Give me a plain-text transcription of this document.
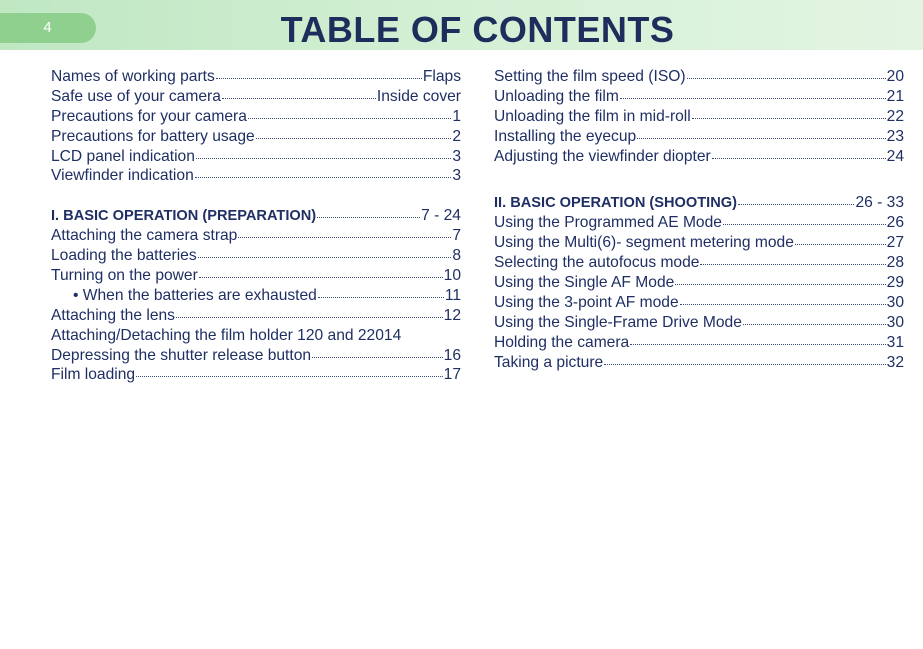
4	TABLE OF CONTENTS
Names of working parts	Flaps
Safe use of your camera	Inside cover
Precautions for your camera	1
Precautions for battery usage	2
LCD panel indication	3
Viewfinder indication	3
I. BASIC OPERATION (PREPARATION)	7 - 24
Attaching the camera strap	7
Loading the batteries	8
Turning on the power	10
• When the batteries are exhausted	11
Attaching the lens	12
Attaching/Detaching the film holder 120 and 220 14
Depressing the shutter release button	16
Film loading	17
Setting the film speed (ISO)	20
Unloading the film	21
Unloading the film in mid-roll	22
Installing the eyecup	23
Adjusting the viewfinder diopter	24
II. BASIC OPERATION (SHOOTING)	26 - 33
Using the Programmed AE Mode	26
Using the Multi(6)- segment metering mode	27
Selecting the autofocus mode	28
Using the Single AF Mode	29
Using the 3-point AF mode	30
Using the Single-Frame Drive Mode	30
Holding the camera	31
Taking a picture	32
